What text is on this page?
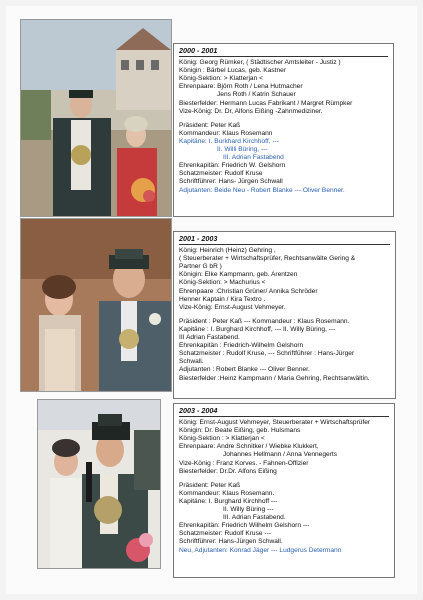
2000 - 2001
König: Georg Rümker, ( Städtischer Amtsleiter - Justiz )
Königin : Bärbel Lucas, geb. Kastner
König-Sektion: > Klatterjan <
Ehrenpaare: Björn Roth / Lena Hutmacher
Jens Roth / Katrin Schauer
Biesterfelder: Hermann Lucas Fabrikant / Margret Rümpker
Vize-König: Dr. Dr, Alfons Eißing -Zahnmediziner.
Präsident: Peter Kaß
Kommandeur: Klaus Rosemann
Kapitäne: I. Burkhard Kirchhoff, ---
II. Willi Büring, ---
III. Adrian Fastabend
Ehrenkapitän: Friedrich W. Gelshorn
Schatzmeister: Rudolf Kruse
Schriftführer: Hans- Jürgen Schwall
Adjutanten: Beide Neu - Robert Blanke --- Oliver Benner.
2001 - 2003
König: Heinrich (Heinz) Gehring ,
( Steuerberater + Wirtschaftsprüfer, Rechtsanwälte Gering &
Partner G bR )
Königin: Elke Kampmann, geb. Arentzen
König-Sektion: > Machurius <
Ehrenpaare :Christian Grüner/ Annika Schröder
Henner Kaptain / Kira Textro .
Vize-König: Ernst-August Vehmeyer.
Präsident : Peter Kaß --- Kommandeur : Klaus Rosemann.
Kapitäne : I. Burghard Kirchhoff, --- II. Willy Büring, ---
III Adrian Fastabend.
Ehrenkapitän : Friedrich-Wilhelm Gelshorn
Schatzmeister : Rudolf Kruse, --- Schriftführer : Hans-Jürger
Schwall.
Adjutanten : Robert Blanke --- Oliver Benner.
Biesterfelder :Heinz Kampmann / Maria Gehring, Rechtsanwältin.
2003 - 2004
König: Ernst-August Vehmeyer, Steuerberater + Wirtschaftsprüfer
Königin: Dr. Beate Eißing, geb. Hulsmans
König-Sektion : > Klatterjan <
Ehrenpaare: Andre Schnitker / Wiebke Klukkert,
Johannes Hellmann / Anna Vennegerts
Vize-König : Franz Korves. - Fahnen-Offizier
Biesterfelder: Dr.Dr. Alfons Eißing
Präsident: Peter Kaß
Kommandeur: Klaus Rosemann.
Kapitäne: I. Burghard Kirchhoff ---
II. Willy Büring ---
III. Adrian Fastabend.
Ehrenkapitän: Friedrich Wilhelm Gelshorn ---
Schatzmeister: Rudolf Kruse ---
Schriftführer: Hans-Jürgen Schwall.
Neu, Adjutanten: Konrad Jäger --- Ludgerus Determann
